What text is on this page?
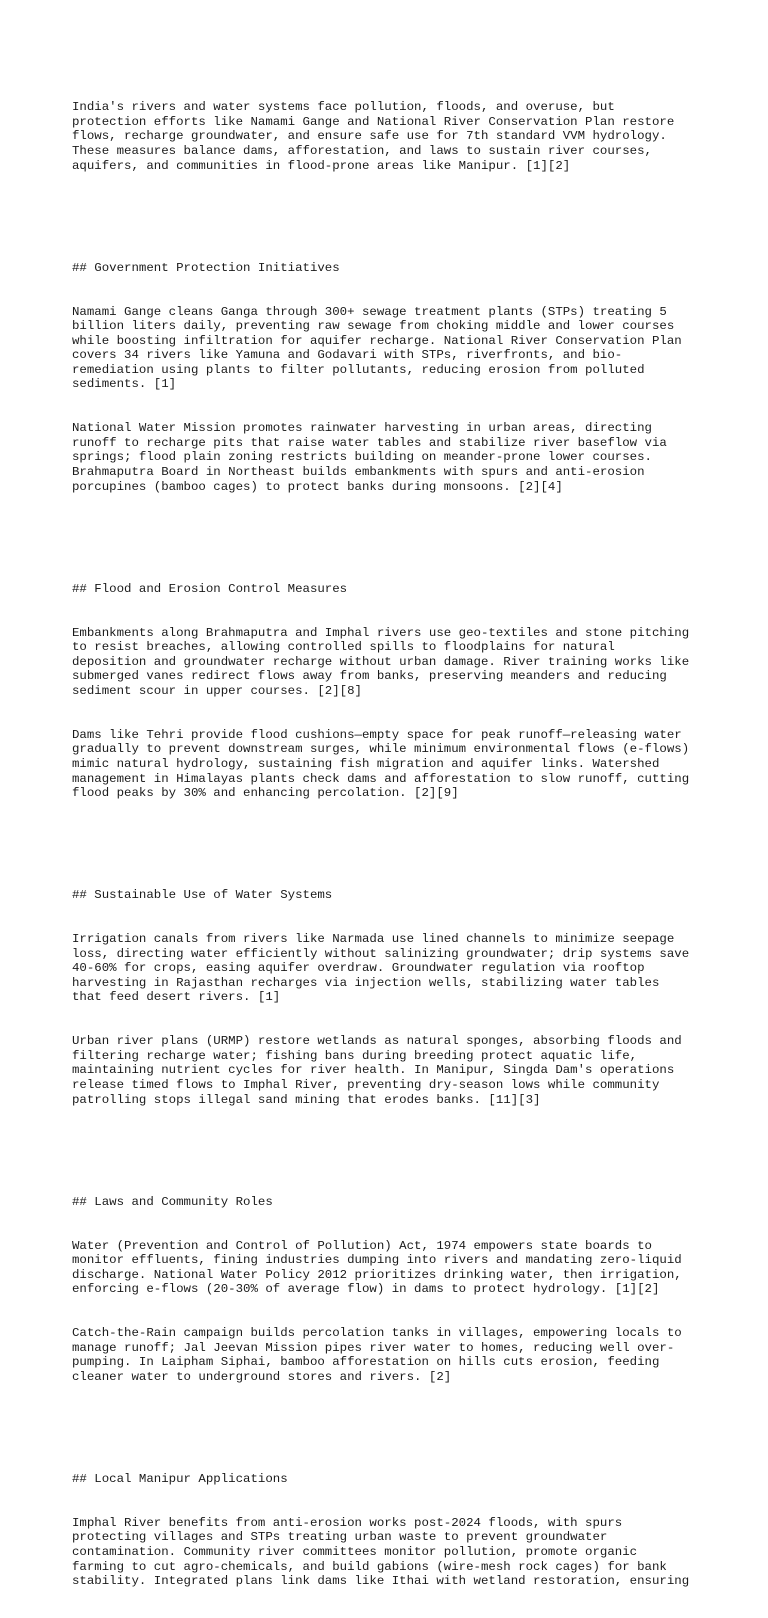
India's rivers and water systems face pollution, floods, and overuse, but
protection efforts like Namami Gange and National River Conservation Plan restore
flows, recharge groundwater, and ensure safe use for 7th standard VVM hydrology.
These measures balance dams, afforestation, and laws to sustain river courses,
aquifers, and communities in flood-prone areas like Manipur. [1][2]

## Government Protection Initiatives

Namami Gange cleans Ganga through 300+ sewage treatment plants (STPs) treating 5
billion liters daily, preventing raw sewage from choking middle and lower courses
while boosting infiltration for aquifer recharge. National River Conservation Plan
covers 34 rivers like Yamuna and Godavari with STPs, riverfronts, and bio-
remediation using plants to filter pollutants, reducing erosion from polluted
sediments. [1]

National Water Mission promotes rainwater harvesting in urban areas, directing
runoff to recharge pits that raise water tables and stabilize river baseflow via
springs; flood plain zoning restricts building on meander-prone lower courses.
Brahmaputra Board in Northeast builds embankments with spurs and anti-erosion
porcupines (bamboo cages) to protect banks during monsoons. [2][4]

## Flood and Erosion Control Measures

Embankments along Brahmaputra and Imphal rivers use geo-textiles and stone pitching
to resist breaches, allowing controlled spills to floodplains for natural
deposition and groundwater recharge without urban damage. River training works like
submerged vanes redirect flows away from banks, preserving meanders and reducing
sediment scour in upper courses. [2][8]

Dams like Tehri provide flood cushions—empty space for peak runoff—releasing water
gradually to prevent downstream surges, while minimum environmental flows (e-flows)
mimic natural hydrology, sustaining fish migration and aquifer links. Watershed
management in Himalayas plants check dams and afforestation to slow runoff, cutting
flood peaks by 30% and enhancing percolation. [2][9]

## Sustainable Use of Water Systems

Irrigation canals from rivers like Narmada use lined channels to minimize seepage
loss, directing water efficiently without salinizing groundwater; drip systems save
40-60% for crops, easing aquifer overdraw. Groundwater regulation via rooftop
harvesting in Rajasthan recharges via injection wells, stabilizing water tables
that feed desert rivers. [1]

Urban river plans (URMP) restore wetlands as natural sponges, absorbing floods and
filtering recharge water; fishing bans during breeding protect aquatic life,
maintaining nutrient cycles for river health. In Manipur, Singda Dam's operations
release timed flows to Imphal River, preventing dry-season lows while community
patrolling stops illegal sand mining that erodes banks. [11][3]

## Laws and Community Roles

Water (Prevention and Control of Pollution) Act, 1974 empowers state boards to
monitor effluents, fining industries dumping into rivers and mandating zero-liquid
discharge. National Water Policy 2012 prioritizes drinking water, then irrigation,
enforcing e-flows (20-30% of average flow) in dams to protect hydrology. [1][2]

Catch-the-Rain campaign builds percolation tanks in villages, empowering locals to
manage runoff; Jal Jeevan Mission pipes river water to homes, reducing well over-
pumping. In Laipham Siphai, bamboo afforestation on hills cuts erosion, feeding
cleaner water to underground stores and rivers. [2]

## Local Manipur Applications

Imphal River benefits from anti-erosion works post-2024 floods, with spurs
protecting villages and STPs treating urban waste to prevent groundwater
contamination. Community river committees monitor pollution, promote organic
farming to cut agro-chemicals, and build gabions (wire-mesh rock cages) for bank
stability. Integrated plans link dams like Ithai with wetland restoration, ensuring
